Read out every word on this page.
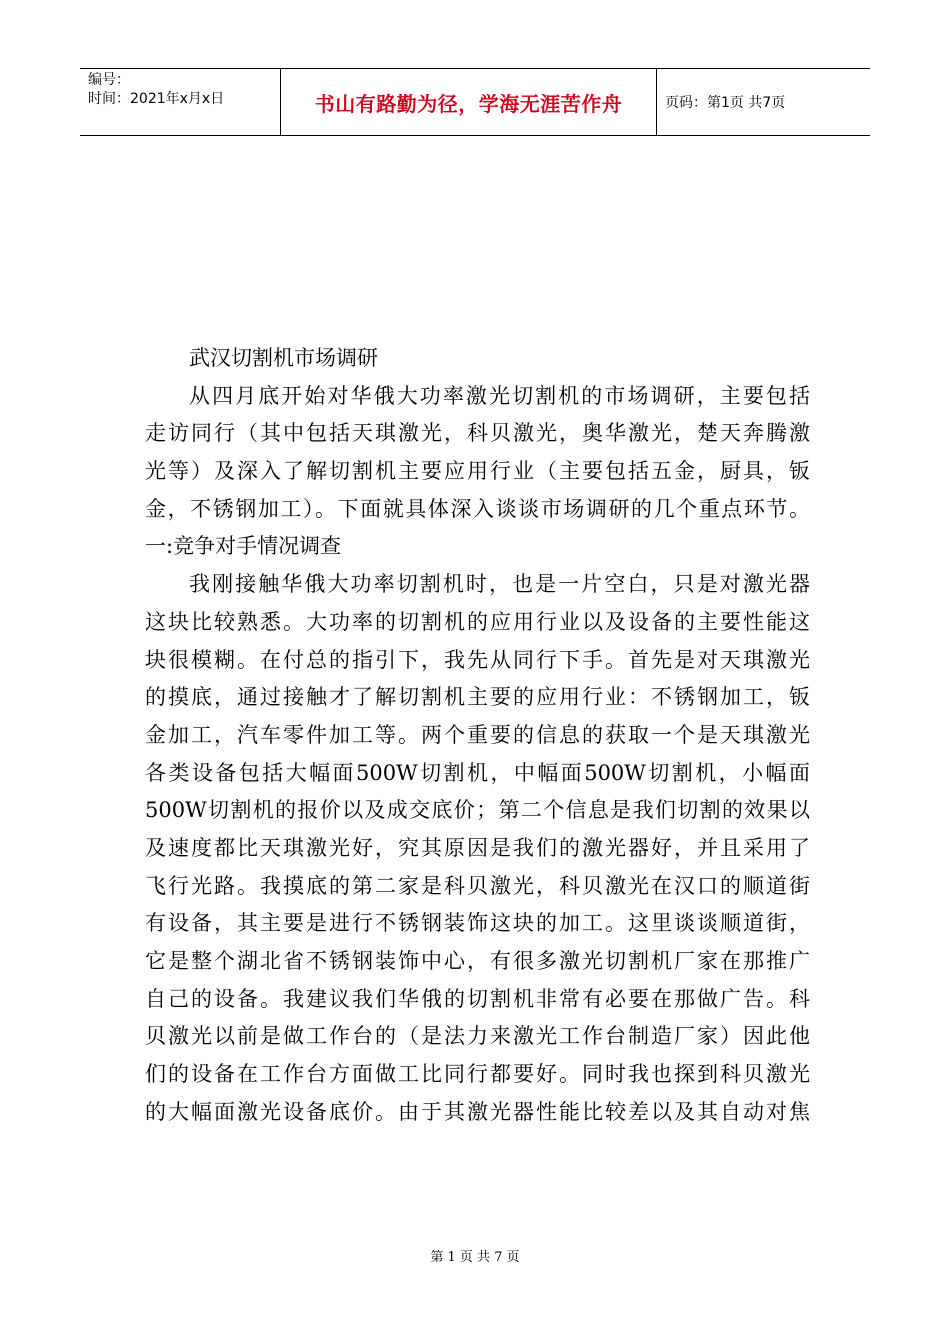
编号：
时间：2021年x月x日	书山有路勤为径，学海无涯苦作舟	页码：第1页 共7页
武汉切割机市场调研
从四月底开始对华俄大功率激光切割机的市场调研，主要包括
走访同行（其中包括天琪激光，科贝激光，奥华激光，楚天奔腾激
光等）及深入了解切割机主要应用行业（主要包括五金，厨具，钣
金，不锈钢加工）。下面就具体深入谈谈市场调研的几个重点环节。
一:竞争对手情况调查
我刚接触华俄大功率切割机时，也是一片空白，只是对激光器
这块比较熟悉。大功率的切割机的应用行业以及设备的主要性能这
块很模糊。在付总的指引下，我先从同行下手。首先是对天琪激光
的摸底，通过接触才了解切割机主要的应用行业：不锈钢加工，钣
金加工，汽车零件加工等。两个重要的信息的获取一个是天琪激光
各类设备包括大幅面500W切割机，中幅面500W切割机，小幅面
500W切割机的报价以及成交底价；第二个信息是我们切割的效果以
及速度都比天琪激光好，究其原因是我们的激光器好，并且采用了
飞行光路。我摸底的第二家是科贝激光，科贝激光在汉口的顺道街
有设备，其主要是进行不锈钢装饰这块的加工。这里谈谈顺道街，
它是整个湖北省不锈钢装饰中心，有很多激光切割机厂家在那推广
自己的设备。我建议我们华俄的切割机非常有必要在那做广告。科
贝激光以前是做工作台的（是法力来激光工作台制造厂家）因此他
们的设备在工作台方面做工比同行都要好。同时我也探到科贝激光
的大幅面激光设备底价。由于其激光器性能比较差以及其自动对焦
第 1 页 共 7 页
